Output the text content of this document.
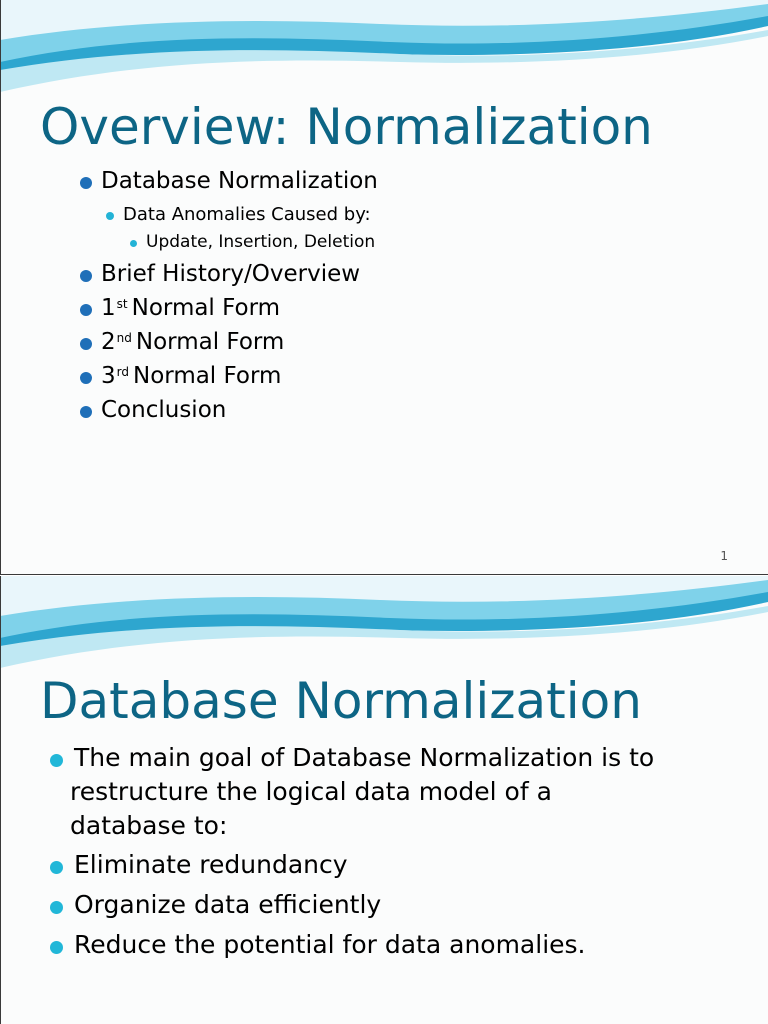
Overview: Normalization
Database Normalization
Data Anomalies Caused by:
Update, Insertion, Deletion
Brief History/Overview
1st Normal Form
2nd Normal Form
3rd Normal Form
Conclusion
1
Database Normalization
The main goal of Database Normalization is to
restructure the logical data model of a
database to:
Eliminate redundancy
Organize data efficiently
Reduce the potential for data anomalies.
